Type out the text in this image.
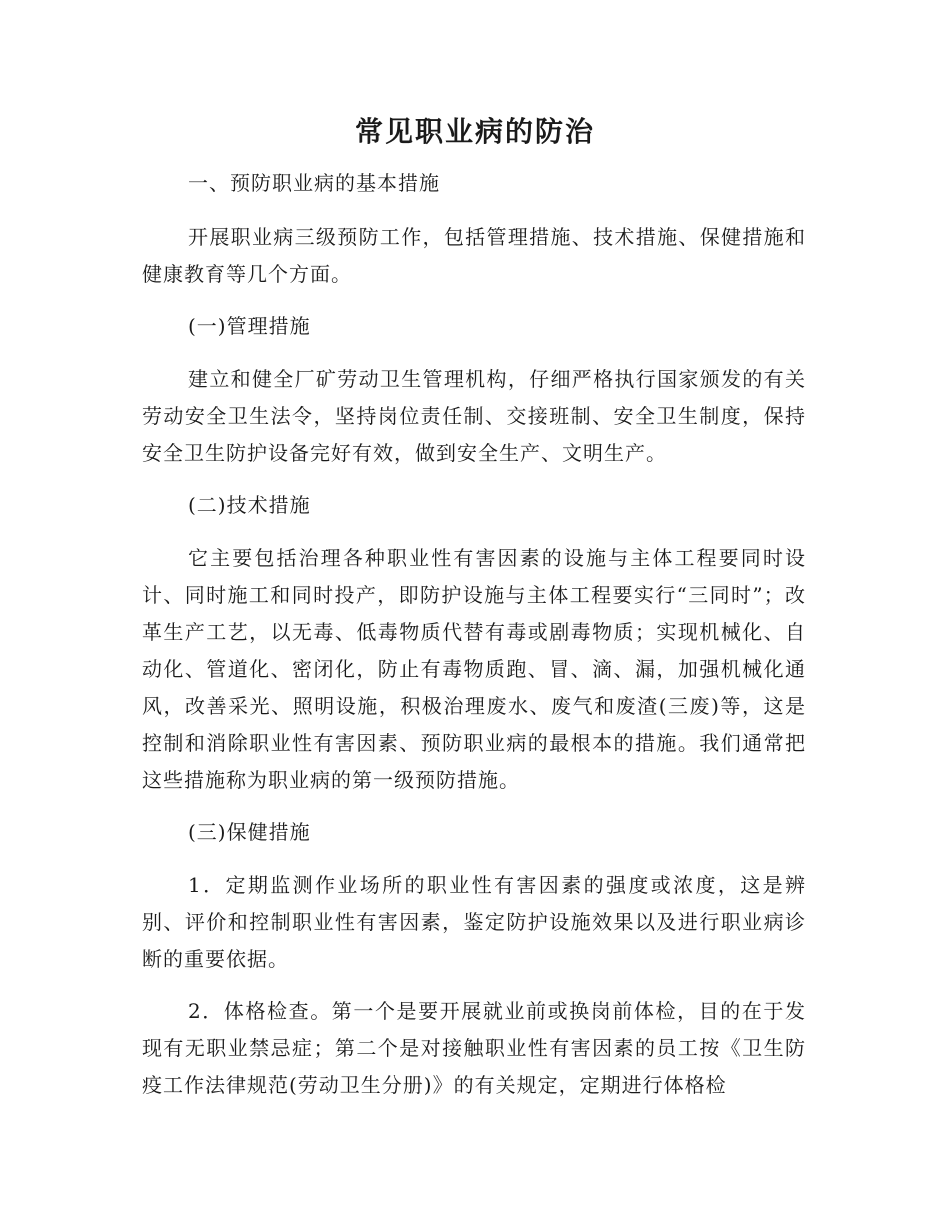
常见职业病的防治
一、预防职业病的基本措施
开展职业病三级预防工作，包括管理措施、技术措施、保健措施和健康教育等几个方面。
(一)管理措施
建立和健全厂矿劳动卫生管理机构，仔细严格执行国家颁发的有关劳动安全卫生法令，坚持岗位责任制、交接班制、安全卫生制度，保持安全卫生防护设备完好有效，做到安全生产、文明生产。
(二)技术措施
它主要包括治理各种职业性有害因素的设施与主体工程要同时设计、同时施工和同时投产，即防护设施与主体工程要实行“三同时”；改革生产工艺，以无毒、低毒物质代替有毒或剧毒物质；实现机械化、自动化、管道化、密闭化，防止有毒物质跑、冒、滴、漏，加强机械化通风，改善采光、照明设施，积极治理废水、废气和废渣(三废)等，这是控制和消除职业性有害因素、预防职业病的最根本的措施。我们通常把这些措施称为职业病的第一级预防措施。
(三)保健措施
1．定期监测作业场所的职业性有害因素的强度或浓度，这是辨别、评价和控制职业性有害因素，鉴定防护设施效果以及进行职业病诊断的重要依据。
2．体格检查。第一个是要开展就业前或换岗前体检，目的在于发现有无职业禁忌症；第二个是对接触职业性有害因素的员工按《卫生防疫工作法律规范(劳动卫生分册)》的有关规定，定期进行体格检
